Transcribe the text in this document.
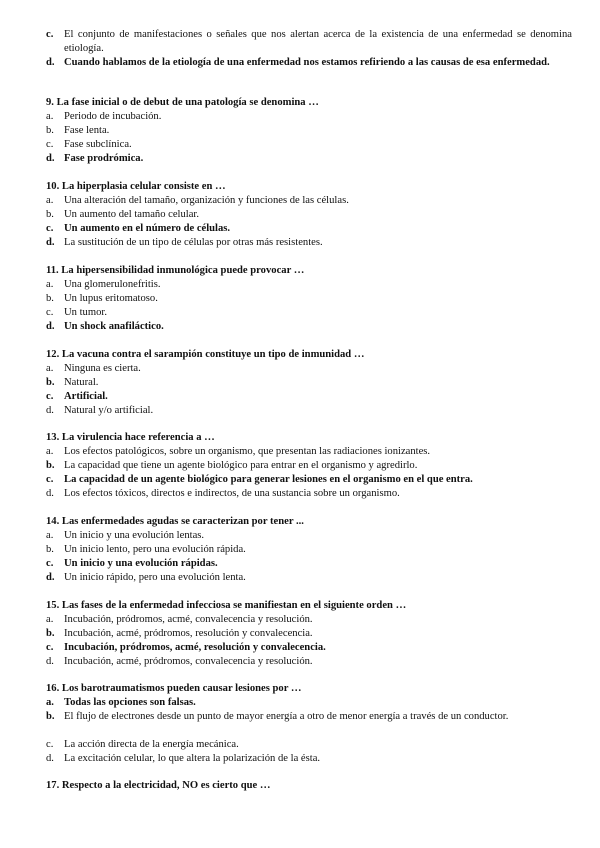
c. El conjunto de manifestaciones o señales que nos alertan acerca de la existencia de una enfermedad se denomina etiología.
d. Cuando hablamos de la etiología de una enfermedad nos estamos refiriendo a las causas de esa enfermedad.
9. La fase inicial o de debut de una patología se denomina …
a. Periodo de incubación.
b. Fase lenta.
c. Fase subclínica.
d. Fase prodrómica.
10. La hiperplasia celular consiste en …
a. Una alteración del tamaño, organización y funciones de las células.
b. Un aumento del tamaño celular.
c. Un aumento en el número de células.
d. La sustitución de un tipo de células por otras más resistentes.
11. La hipersensibilidad inmunológica puede provocar …
a. Una glomerulonefritis.
b. Un lupus eritomatoso.
c. Un tumor.
d. Un shock anafiláctico.
12. La vacuna contra el sarampión constituye un tipo de inmunidad …
a. Ninguna es cierta.
b. Natural.
c. Artificial.
d. Natural y/o artificial.
13. La virulencia hace referencia a …
a. Los efectos patológicos, sobre un organismo, que presentan las radiaciones ionizantes.
b. La capacidad que tiene un agente biológico para entrar en el organismo y agredirlo.
c. La capacidad de un agente biológico para generar lesiones en el organismo en el que entra.
d. Los efectos tóxicos, directos e indirectos, de una sustancia sobre un organismo.
14. Las enfermedades agudas se caracterizan por tener ...
a. Un inicio y una evolución lentas.
b. Un inicio lento, pero una evolución rápida.
c. Un inicio y una evolución rápidas.
d. Un inicio rápido, pero una evolución lenta.
15. Las fases de la enfermedad infecciosa se manifiestan en el siguiente orden …
a. Incubación, pródromos, acmé, convalecencia y resolución.
b. Incubación, acmé, pródromos, resolución y convalecencia.
c. Incubación, pródromos, acmé, resolución y convalecencia.
d. Incubación, acmé, pródromos, convalecencia y resolución.
16. Los barotraumatismos pueden causar lesiones por …
a. Todas las opciones son falsas.
b. El flujo de electrones desde un punto de mayor energía a otro de menor energía a través de un conductor.
c. La acción directa de la energía mecánica.
d. La excitación celular, lo que altera la polarización de la ésta.
17. Respecto a la electricidad, NO es cierto que …
